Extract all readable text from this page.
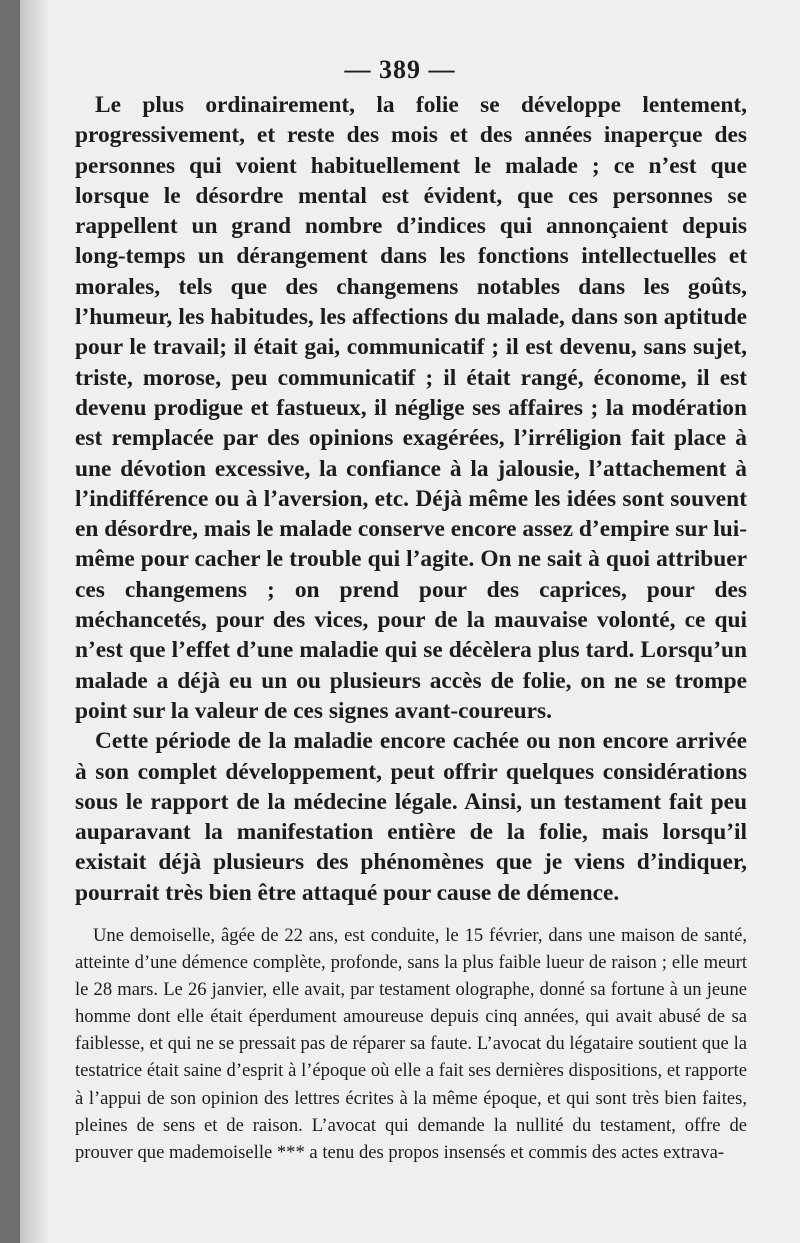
— 389 —

Le plus ordinairement, la folie se développe lentement, progressivement, et reste des mois et des années inaperçue des personnes qui voient habituellement le malade ; ce n’est que lorsque le désordre mental est évident, que ces personnes se rappellent un grand nombre d’indices qui annonçaient depuis long-temps un dérangement dans les fonctions intellectuelles et morales, tels que des changemens notables dans les goûts, l’humeur, les habitudes, les affections du malade, dans son aptitude pour le travail; il était gai, communicatif ; il est devenu, sans sujet, triste, morose, peu communicatif ; il était rangé, économe, il est devenu prodigue et fastueux, il néglige ses affaires ; la modération est remplacée par des opinions exagérées, l’irréligion fait place à une dévotion excessive, la confiance à la jalousie, l’attachement à l’indifférence ou à l’aversion, etc. Déjà même les idées sont souvent en désordre, mais le malade conserve encore assez d’empire sur lui-même pour cacher le trouble qui l’agite. On ne sait à quoi attribuer ces changemens ; on prend pour des caprices, pour des méchancetés, pour des vices, pour de la mauvaise volonté, ce qui n’est que l’effet d’une maladie qui se décèlera plus tard. Lorsqu’un malade a déjà eu un ou plusieurs accès de folie, on ne se trompe point sur la valeur de ces signes avant-coureurs.

Cette période de la maladie encore cachée ou non encore arrivée à son complet développement, peut offrir quelques considérations sous le rapport de la médecine légale. Ainsi, un testament fait peu auparavant la manifestation entière de la folie, mais lorsqu’il existait déjà plusieurs des phénomènes que je viens d’indiquer, pourrait très bien être attaqué pour cause de démence.

Une demoiselle, âgée de 22 ans, est conduite, le 15 février, dans une maison de santé, atteinte d’une démence complète, profonde, sans la plus faible lueur de raison ; elle meurt le 28 mars. Le 26 janvier, elle avait, par testament olographe, donné sa fortune à un jeune homme dont elle était éperdument amoureuse depuis cinq années, qui avait abusé de sa faiblesse, et qui ne se pressait pas de réparer sa faute. L’avocat du légataire soutient que la testatrice était saine d’esprit à l’époque où elle a fait ses dernières dispositions, et rapporte à l’appui de son opinion des lettres écrites à la même époque, et qui sont très bien faites, pleines de sens et de raison. L’avocat qui demande la nullité du testament, offre de prouver que mademoiselle *** a tenu des propos insensés et commis des actes extrava-
